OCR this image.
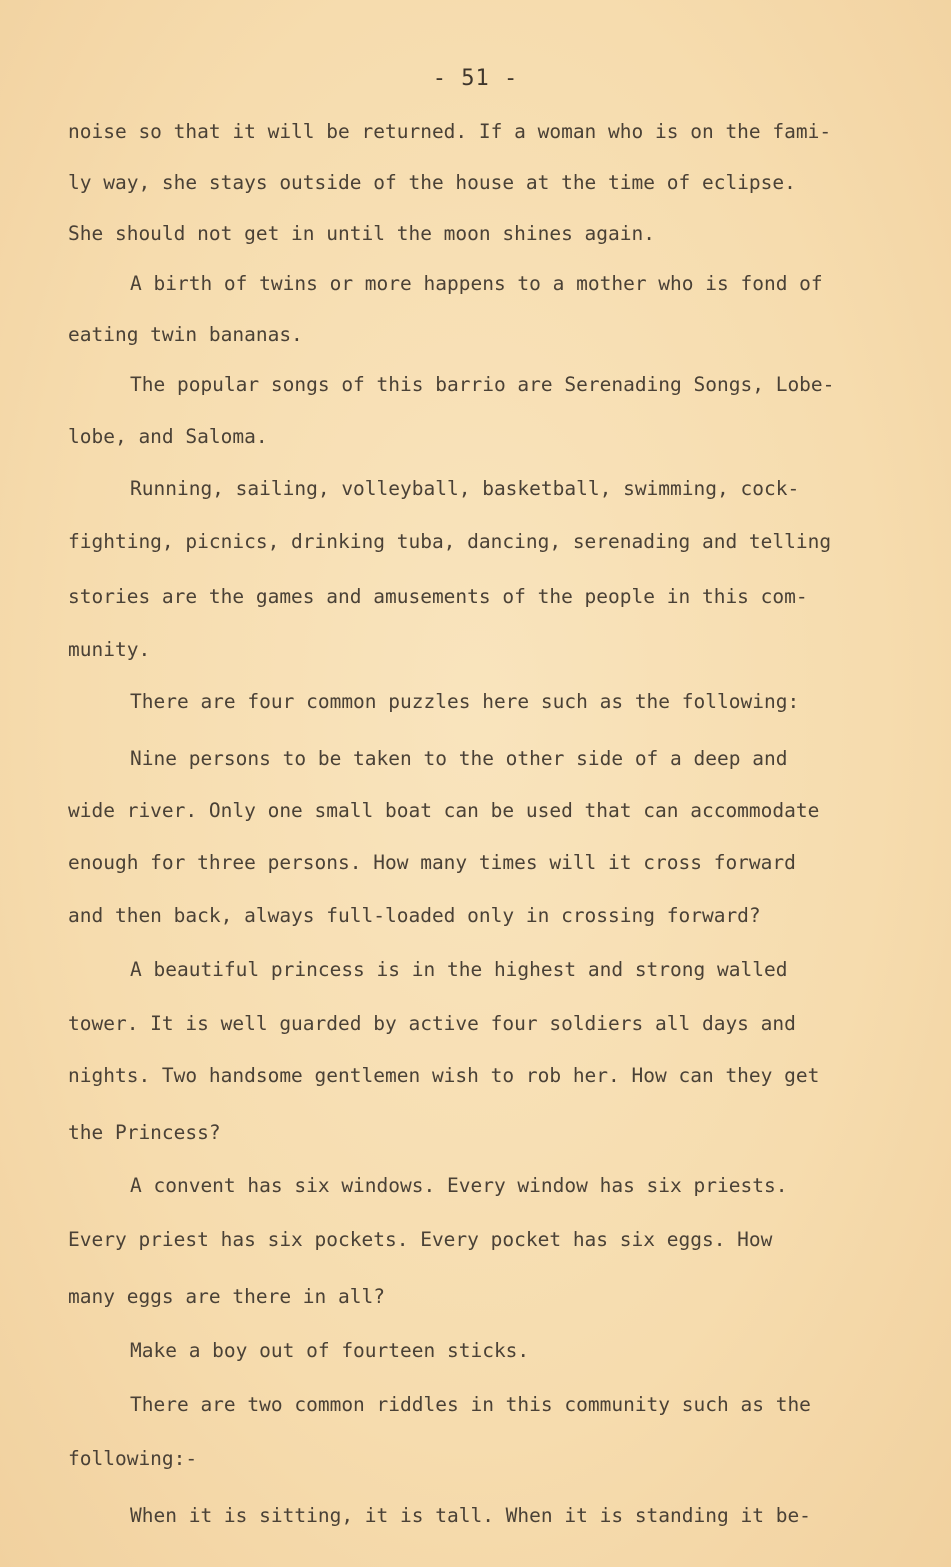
- 51 -
noise so that it will be returned. If a woman who is on the fami-
ly way, she stays outside of the house at the time of eclipse.
She should not get in until the moon shines again.
A birth of twins or more happens to a mother who is fond of
eating twin bananas.
The popular songs of this barrio are Serenading Songs, Lobe-
lobe, and Saloma.
Running, sailing, volleyball, basketball, swimming, cock-
fighting, picnics, drinking tuba, dancing, serenading and telling
stories are the games and amusements of the people in this com-
munity.
There are four common puzzles here such as the following:
Nine persons to be taken to the other side of a deep and
wide river. Only one small boat can be used that can accommodate
enough for three persons. How many times will it cross forward
and then back, always full-loaded only in crossing forward?
A beautiful princess is in the highest and strong walled
tower. It is well guarded by active four soldiers all days and
nights. Two handsome gentlemen wish to rob her. How can they get
the Princess?
A convent has six windows. Every window has six priests.
Every priest has six pockets. Every pocket has six eggs. How
many eggs are there in all?
Make a boy out of fourteen sticks.
There are two common riddles in this community such as the
following:-
When it is sitting, it is tall. When it is standing it be-
